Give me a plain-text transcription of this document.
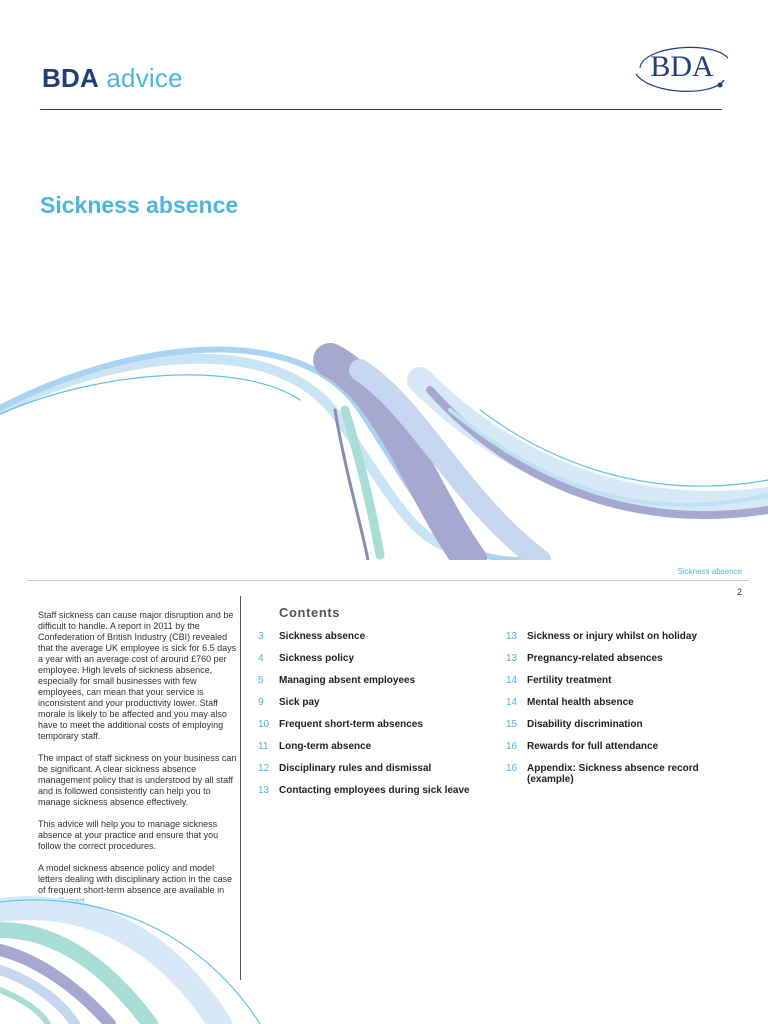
BDA advice	BDA
Sickness absence
Sickness absence
2

Staff sickness can cause major disruption and be difficult to handle. A report in 2011 by the Confederation of British Industry (CBI) revealed that the average UK employee is sick for 6.5 days a year with an average cost of around £760 per employee. High levels of sickness absence, especially for small businesses with few employees, can mean that your service is inconsistent and your productivity lower. Staff morale is likely to be affected and you may also have to meet the additional costs of employing temporary staff.

The impact of staff sickness on your business can be significant. A clear sickness absence management policy that is understood by all staff and is followed consistently can help you to manage sickness absence effectively.

This advice will help you to manage sickness absence at your practice and ensure that you follow the correct procedures.

A model sickness absence policy and model letters dealing with disciplinary action in the case of frequent short-term absence are available in BDA Expert

Contents
3	Sickness absence
4	Sickness policy
5	Managing absent employees
9	Sick pay
10 Frequent short-term absences
11	Long-term absence
12 Disciplinary rules and dismissal
13 Contacting employees during sick leave
13 Sickness or injury whilst on holiday
13 Pregnancy-related absences
14 Fertility treatment
14 Mental health absence
15 Disability discrimination
16 Rewards for full attendance
16 Appendix: Sickness absence record (example)
